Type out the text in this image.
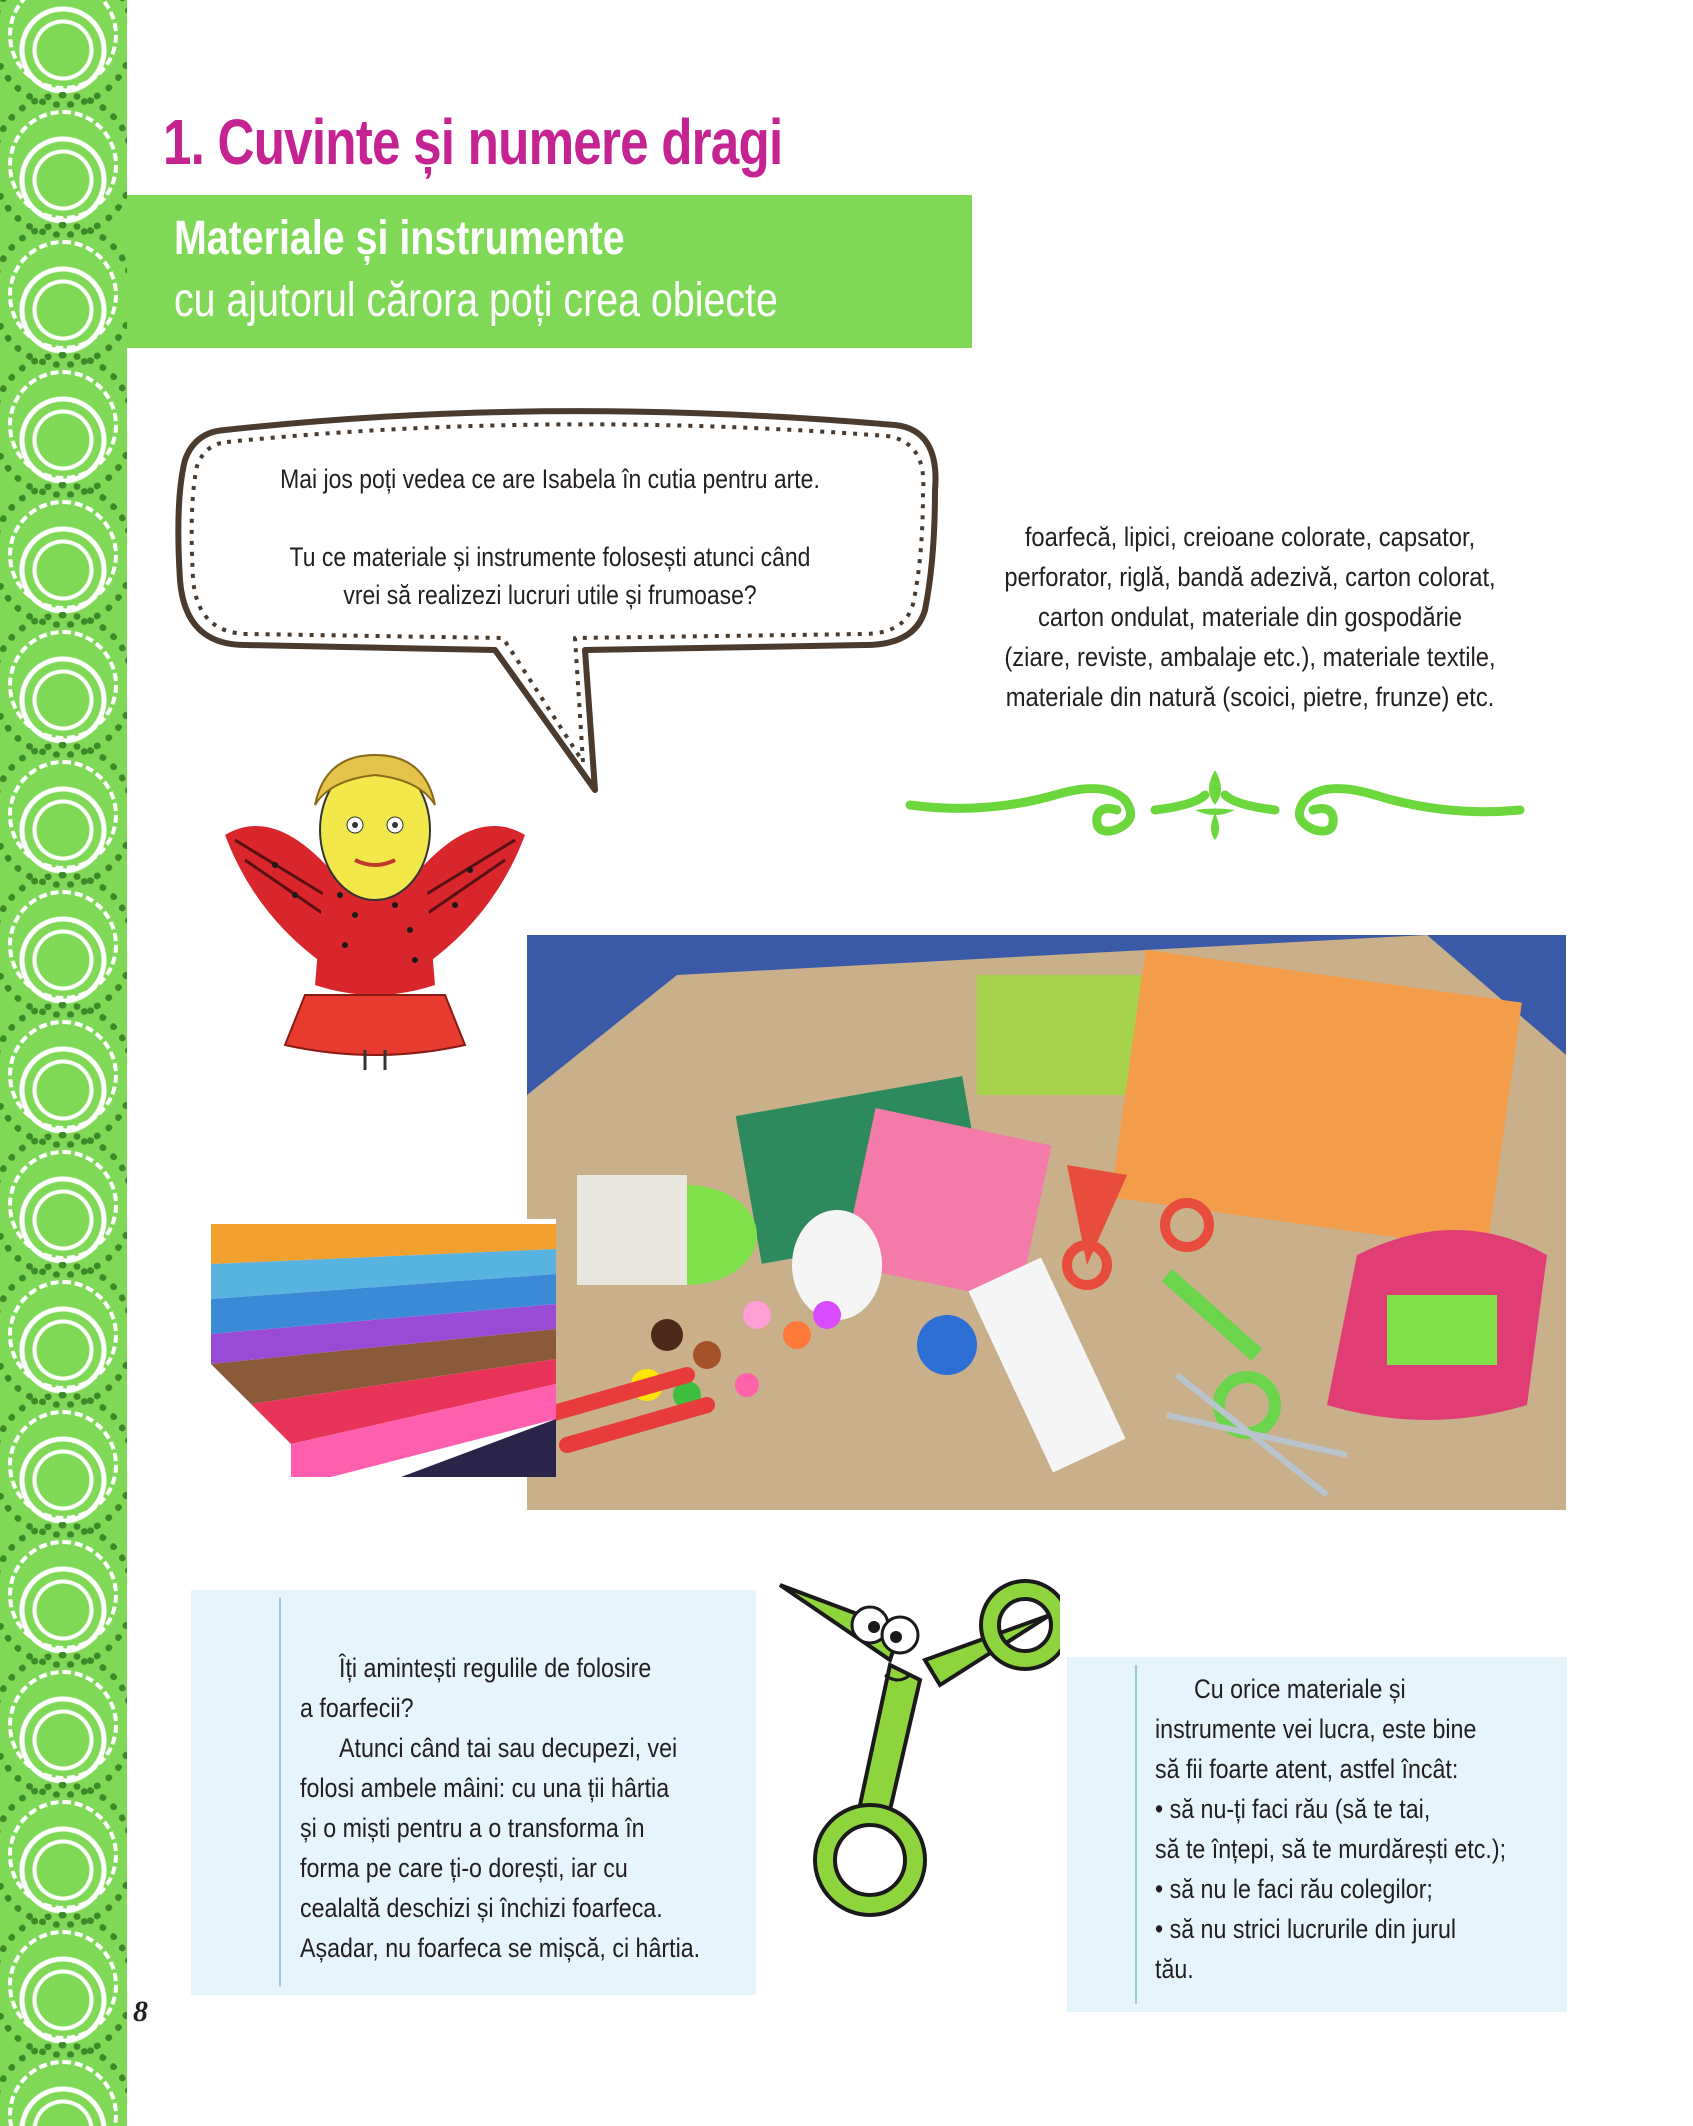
1. Cuvinte și numere dragi
Materiale și instrumente
cu ajutorul cărora poți crea obiecte
Mai jos poți vedea ce are Isabela în cutia pentru arte.
Tu ce materiale și instrumente folosești atunci când
vrei să realizezi lucruri utile și frumoase?
foarfecă, lipici, creioane colorate, capsator,
perforator, riglă, bandă adezivă, carton colorat,
carton ondulat, materiale din gospodărie
(ziare, reviste, ambalaje etc.), materiale textile,
materiale din natură (scoici, pietre, frunze) etc.
Îți amintești regulile de folosire
a foarfecii?
Atunci când tai sau decupezi, vei
folosi ambele mâini: cu una ții hârtia
și o miști pentru a o transforma în
forma pe care ți-o dorești, iar cu
cealaltă deschizi și închizi foarfeca.
Așadar, nu foarfeca se mișcă, ci hârtia.
Cu orice materiale și
instrumente vei lucra, este bine
să fii foarte atent, astfel încât:
• să nu-ți faci rău (să te tai,
să te înțepi, să te murdărești etc.);
• să nu le faci rău colegilor;
• să nu strici lucrurile din jurul
tău.
8
